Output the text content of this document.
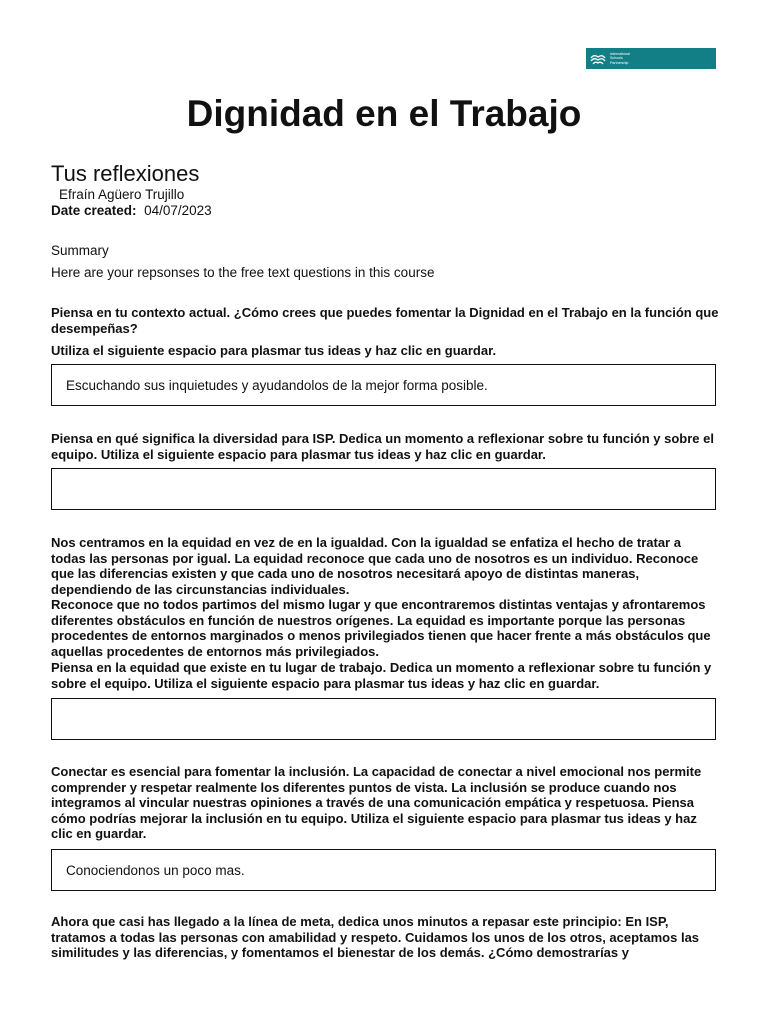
International
Schools
Partnership
Dignidad en el Trabajo
Tus reflexiones
Efraín Agüero Trujillo
Date created: 04/07/2023
Summary
Here are your repsonses to the free text questions in this course

Piensa en tu contexto actual. ¿Cómo crees que puedes fomentar la Dignidad en el Trabajo en la función que desempeñas?

Utiliza el siguiente espacio para plasmar tus ideas y haz clic en guardar.

Escuchando sus inquietudes y ayudandolos de la mejor forma posible.

Piensa en qué significa la diversidad para ISP. Dedica un momento a reflexionar sobre tu función y sobre el equipo. Utiliza el siguiente espacio para plasmar tus ideas y haz clic en guardar.

Nos centramos en la equidad en vez de en la igualdad. Con la igualdad se enfatiza el hecho de tratar a todas las personas por igual. La equidad reconoce que cada uno de nosotros es un individuo. Reconoce que las diferencias existen y que cada uno de nosotros necesitará apoyo de distintas maneras, dependiendo de las circunstancias individuales.

Reconoce que no todos partimos del mismo lugar y que encontraremos distintas ventajas y afrontaremos diferentes obstáculos en función de nuestros orígenes. La equidad es importante porque las personas procedentes de entornos marginados o menos privilegiados tienen que hacer frente a más obstáculos que aquellas procedentes de entornos más privilegiados.

Piensa en la equidad que existe en tu lugar de trabajo. Dedica un momento a reflexionar sobre tu función y sobre el equipo. Utiliza el siguiente espacio para plasmar tus ideas y haz clic en guardar.

Conectar es esencial para fomentar la inclusión. La capacidad de conectar a nivel emocional nos permite comprender y respetar realmente los diferentes puntos de vista. La inclusión se produce cuando nos integramos al vincular nuestras opiniones a través de una comunicación empática y respetuosa. Piensa cómo podrías mejorar la inclusión en tu equipo. Utiliza el siguiente espacio para plasmar tus ideas y haz clic en guardar.

Conociendonos un poco mas.

Ahora que casi has llegado a la línea de meta, dedica unos minutos a repasar este principio: En ISP, tratamos a todas las personas con amabilidad y respeto. Cuidamos los unos de los otros, aceptamos las similitudes y las diferencias, y fomentamos el bienestar de los demás. ¿Cómo demostrarías y
